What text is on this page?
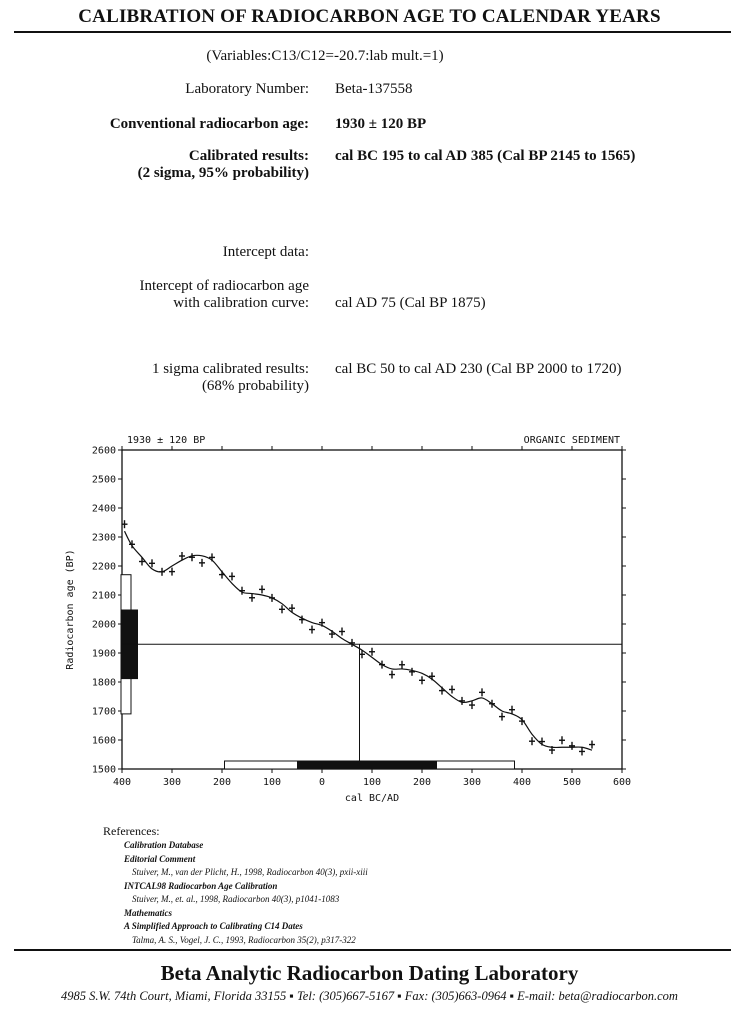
CALIBRATION OF RADIOCARBON AGE TO CALENDAR YEARS
(Variables:C13/C12=-20.7:lab mult.=1)
Laboratory Number: Beta-137558
Conventional radiocarbon age: 1930 ± 120 BP
Calibrated results:
(2 sigma, 95% probability)
cal BC 195 to cal AD 385 (Cal BP 2145 to 1565)
Intercept data:
Intercept of radiocarbon age
with calibration curve: cal AD 75 (Cal BP 1875)
1 sigma calibrated results:
(68% probability)
cal BC 50 to cal AD 230 (Cal BP 2000 to 1720)
1500
1600
1700
1800
1900
2000
2100
2200
2300
2400
2500
2600
400	300	200	100	0	100	200	300	400	500	600
cal BC/AD
Radiocarbon age (BP)
1930 ± 120 BP	ORGANIC SEDIMENT
References:
Calibration Database
Editorial Comment
Stuiver, M., van der Plicht, H., 1998, Radiocarbon 40(3), pxii-xiii
INTCAL98 Radiocarbon Age Calibration
Stuiver, M., et. al., 1998, Radiocarbon 40(3), p1041-1083
Mathematics
A Simplified Approach to Calibrating C14 Dates
Talma, A. S., Vogel, J. C., 1993, Radiocarbon 35(2), p317-322
Beta Analytic Radiocarbon Dating Laboratory
4985 S.W. 74th Court, Miami, Florida 33155 ▪ Tel: (305)667-5167 ▪ Fax: (305)663-0964 ▪ E-mail: beta@radiocarbon.com
